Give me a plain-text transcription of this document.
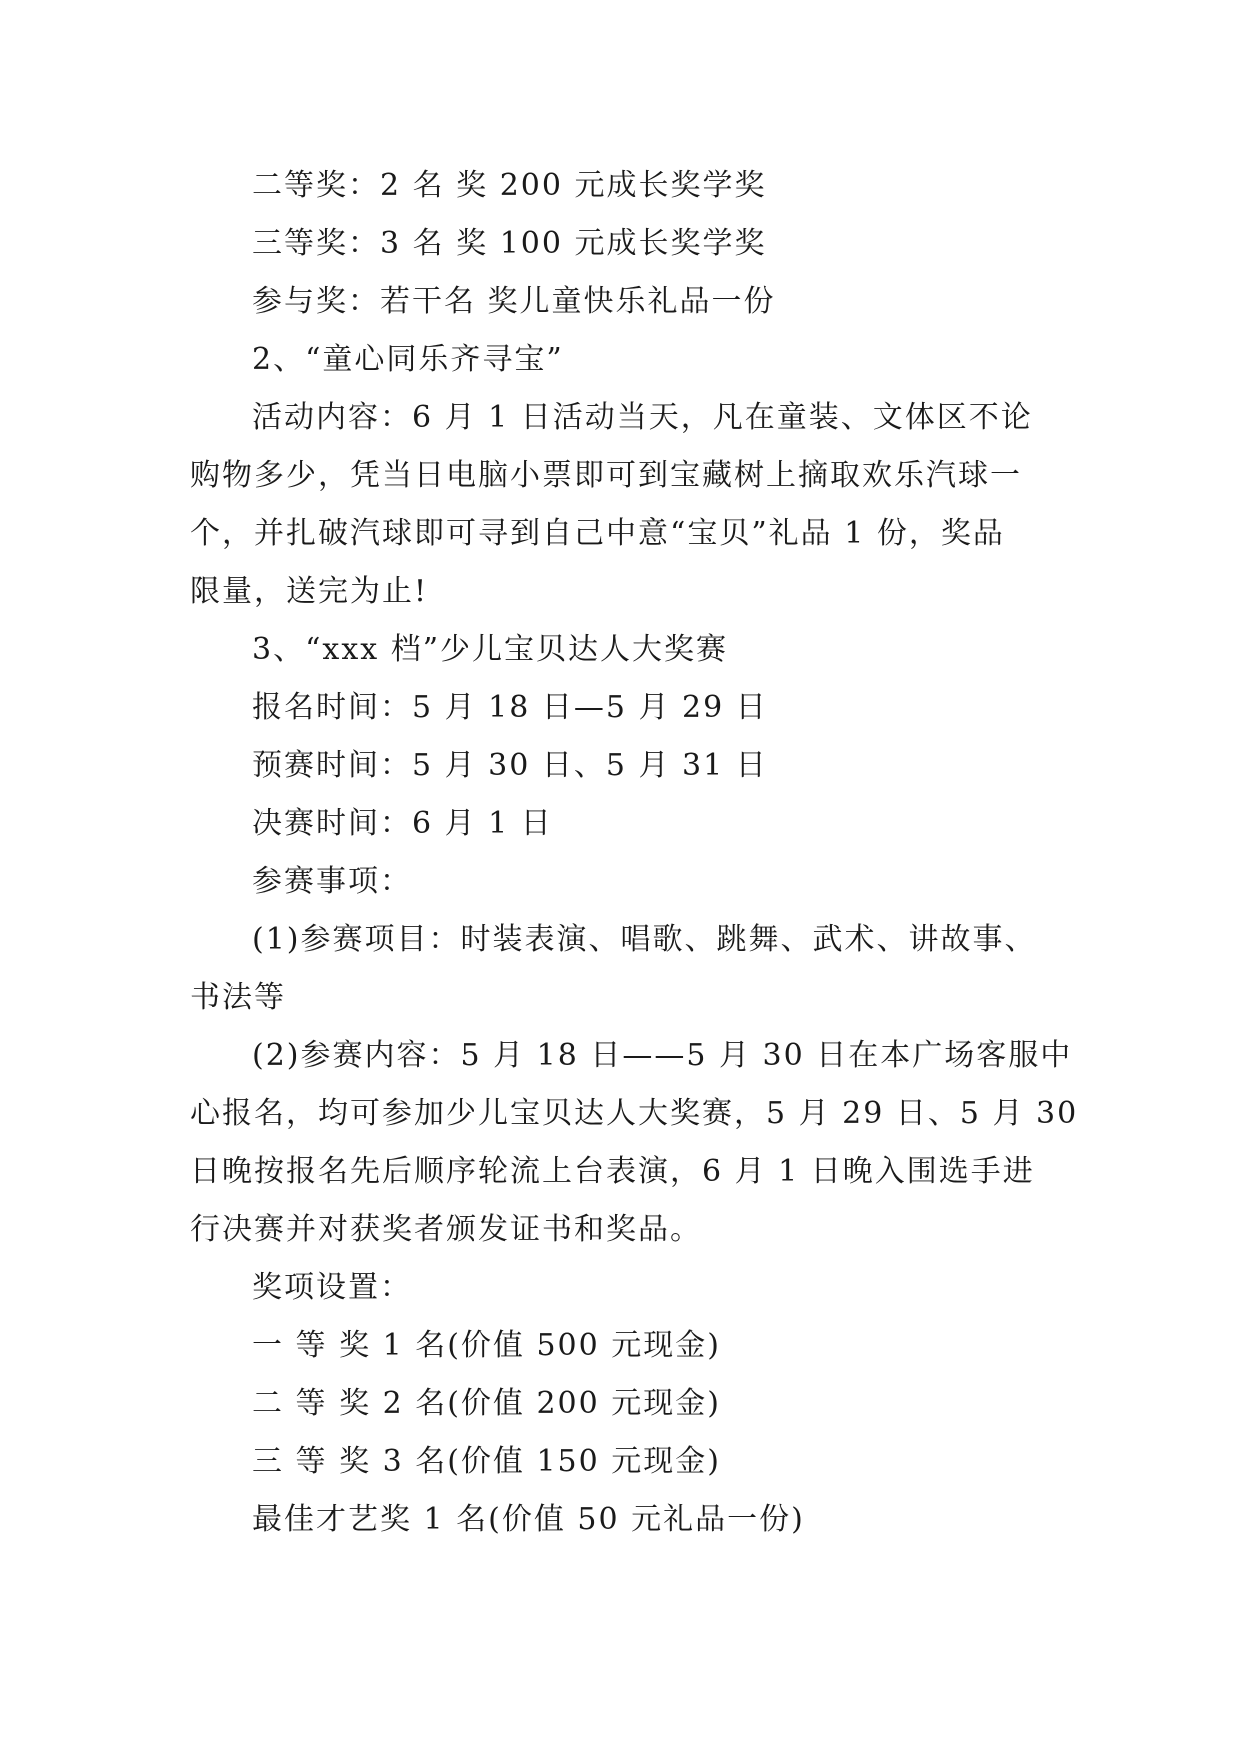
二等奖：2 名 奖 200 元成长奖学奖
三等奖：3 名 奖 100 元成长奖学奖
参与奖：若干名 奖儿童快乐礼品一份
2、“童心同乐齐寻宝”
活动内容：6 月 1 日活动当天，凡在童装、文体区不论
购物多少，凭当日电脑小票即可到宝藏树上摘取欢乐汽球一
个，并扎破汽球即可寻到自己中意“宝贝”礼品 1 份，奖品
限量，送完为止!
3、“xxx 档”少儿宝贝达人大奖赛
报名时间：5 月 18 日—5 月 29 日
预赛时间：5 月 30 日、5 月 31 日
决赛时间：6 月 1 日
参赛事项：
(1)参赛项目：时装表演、唱歌、跳舞、武术、讲故事、
书法等
(2)参赛内容：5 月 18 日——5 月 30 日在本广场客服中
心报名，均可参加少儿宝贝达人大奖赛，5 月 29 日、5 月 30
日晚按报名先后顺序轮流上台表演，6 月 1 日晚入围选手进
行决赛并对获奖者颁发证书和奖品。
奖项设置：
一 等 奖 1 名(价值 500 元现金)
二 等 奖 2 名(价值 200 元现金)
三 等 奖 3 名(价值 150 元现金)
最佳才艺奖 1 名(价值 50 元礼品一份)
